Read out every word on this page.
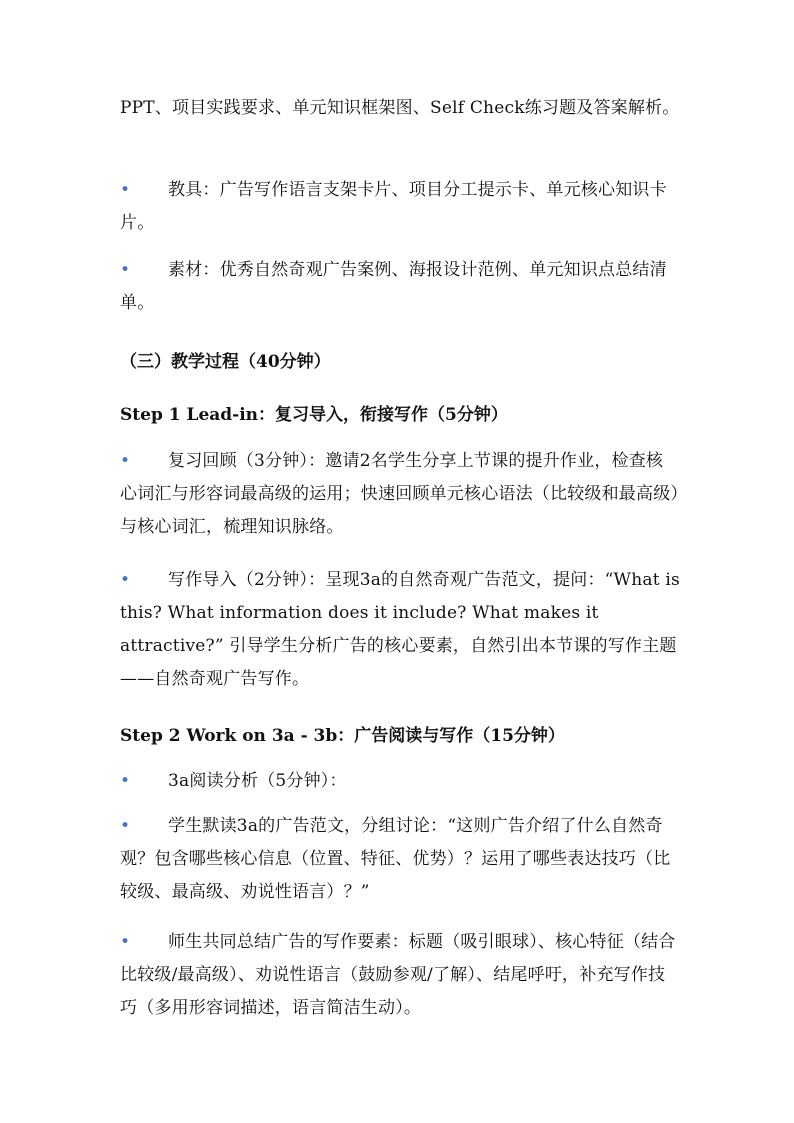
PPT、项目实践要求、单元知识框架图、Self Check练习题及答案解析。

•	教具：广告写作语言支架卡片、项目分工提示卡、单元核心知识卡片。
•	素材：优秀自然奇观广告案例、海报设计范例、单元知识点总结清单。
（三）教学过程（40分钟）
Step 1 Lead-in：复习导入，衔接写作（5分钟）
•	复习回顾（3分钟）：邀请2名学生分享上节课的提升作业，检查核心词汇与形容词最高级的运用；快速回顾单元核心语法（比较级和最高级）与核心词汇，梳理知识脉络。
•	写作导入（2分钟）：呈现3a的自然奇观广告范文，提问：“What is this? What information does it include? What makes it attractive?” 引导学生分析广告的核心要素，自然引出本节课的写作主题——自然奇观广告写作。
Step 2 Work on 3a - 3b：广告阅读与写作（15分钟）
•	3a阅读分析（5分钟）：
•	学生默读3a的广告范文，分组讨论：“这则广告介绍了什么自然奇观？包含哪些核心信息（位置、特征、优势）？运用了哪些表达技巧（比较级、最高级、劝说性语言）？”
•	师生共同总结广告的写作要素：标题（吸引眼球）、核心特征（结合比较级/最高级）、劝说性语言（鼓励参观/了解）、结尾呼吁，补充写作技巧（多用形容词描述，语言简洁生动）。
